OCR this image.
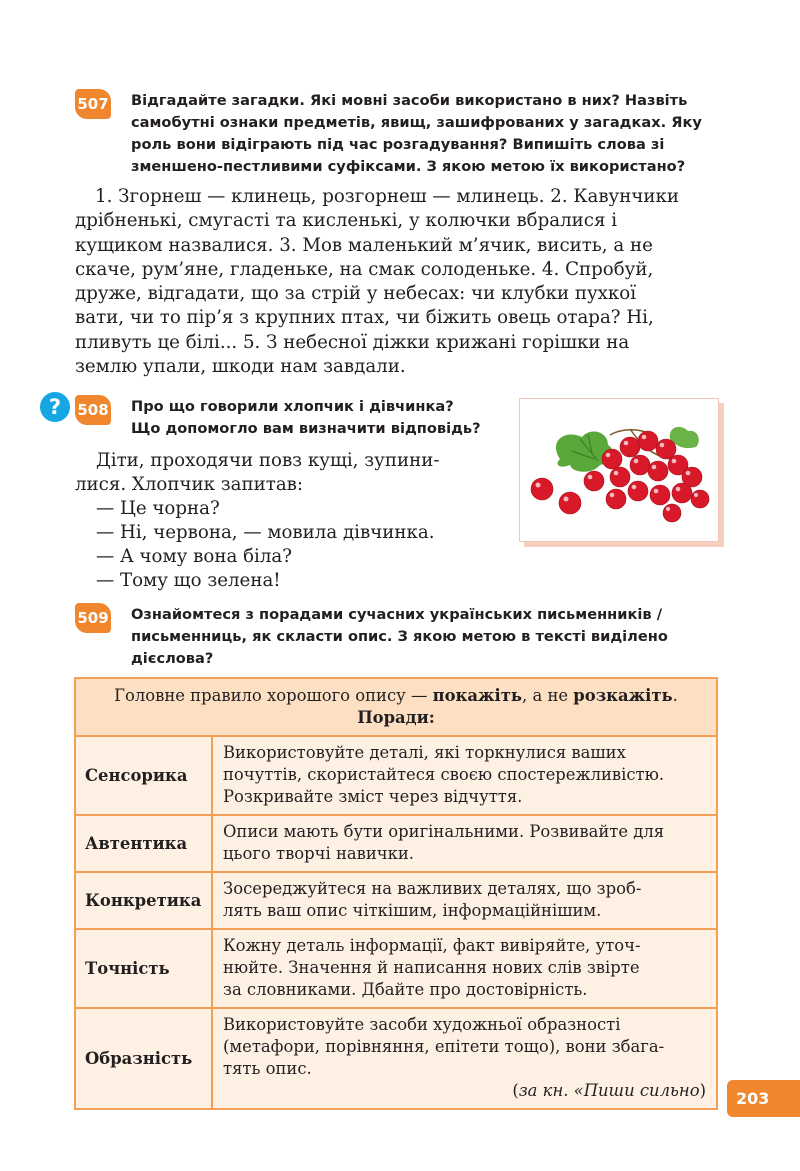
507 Відгадайте загадки. Які мовні засоби використано в них? Назвіть
самобутні ознаки предметів, явищ, зашифрованих у загадках. Яку
роль вони відіграють під час розгадування? Випишіть слова зі
зменшено-пестливими суфіксами. З якою метою їх використано?
1. Згорнеш — клинець, розгорнеш — млинець. 2. Кавунчики
дрібненькі, смугасті та кисленькі, у колючки вбралися і
кущиком назвалися. 3. Мов маленький м’ячик, висить, а не
скаче, рум’яне, гладеньке, на смак солоденьке. 4. Спробуй,
друже, відгадати, що за стрій у небесах: чи клубки пухкої
вати, чи то пір’я з крупних птах, чи біжить овець отара? Ні,
пливуть це білі... 5. З небесної діжки крижані горішки на
землю упали, шкоди нам завдали.
?	508 Про що говорили хлопчик і дівчинка?
Що допомогло вам визначити відповідь?
Діти, проходячи повз кущі, зупини-
лися. Хлопчик запитав:
— Це чорна?
— Ні, червона, — мовила дівчинка.
— А чому вона біла?
— Тому що зелена!
509 Ознайомтеся з порадами сучасних українських письменників /
письменниць, як скласти опис. З якою метою в тексті виділено
дієслова?
Головне правило хорошого опису — покажіть, а не розкажіть.
Поради:	
Сенсорика	Використовуйте деталі, які торкнулися ваших
почуттів, скористайтеся своєю спостережливістю.
Розкривайте зміст через відчуття.

Автентика	Описи мають бути оригінальними. Розвивайте для
цього творчі навички.

Конкретика	Зосереджуйтеся на важливих деталях, що зроб-
лять ваш опис чіткішим, інформаційнішим.

Точність	Кожну деталь інформації, факт вивіряйте, уточ-
нюйте. Значення й написання нових слів звірте
за словниками. Дбайте про достовірність.

Образність	Використовуйте засоби художньої образності
(метафори, порівняння, епітети тощо), вони збага-
тять опис.
(за кн. «Пиши сильно)	203
